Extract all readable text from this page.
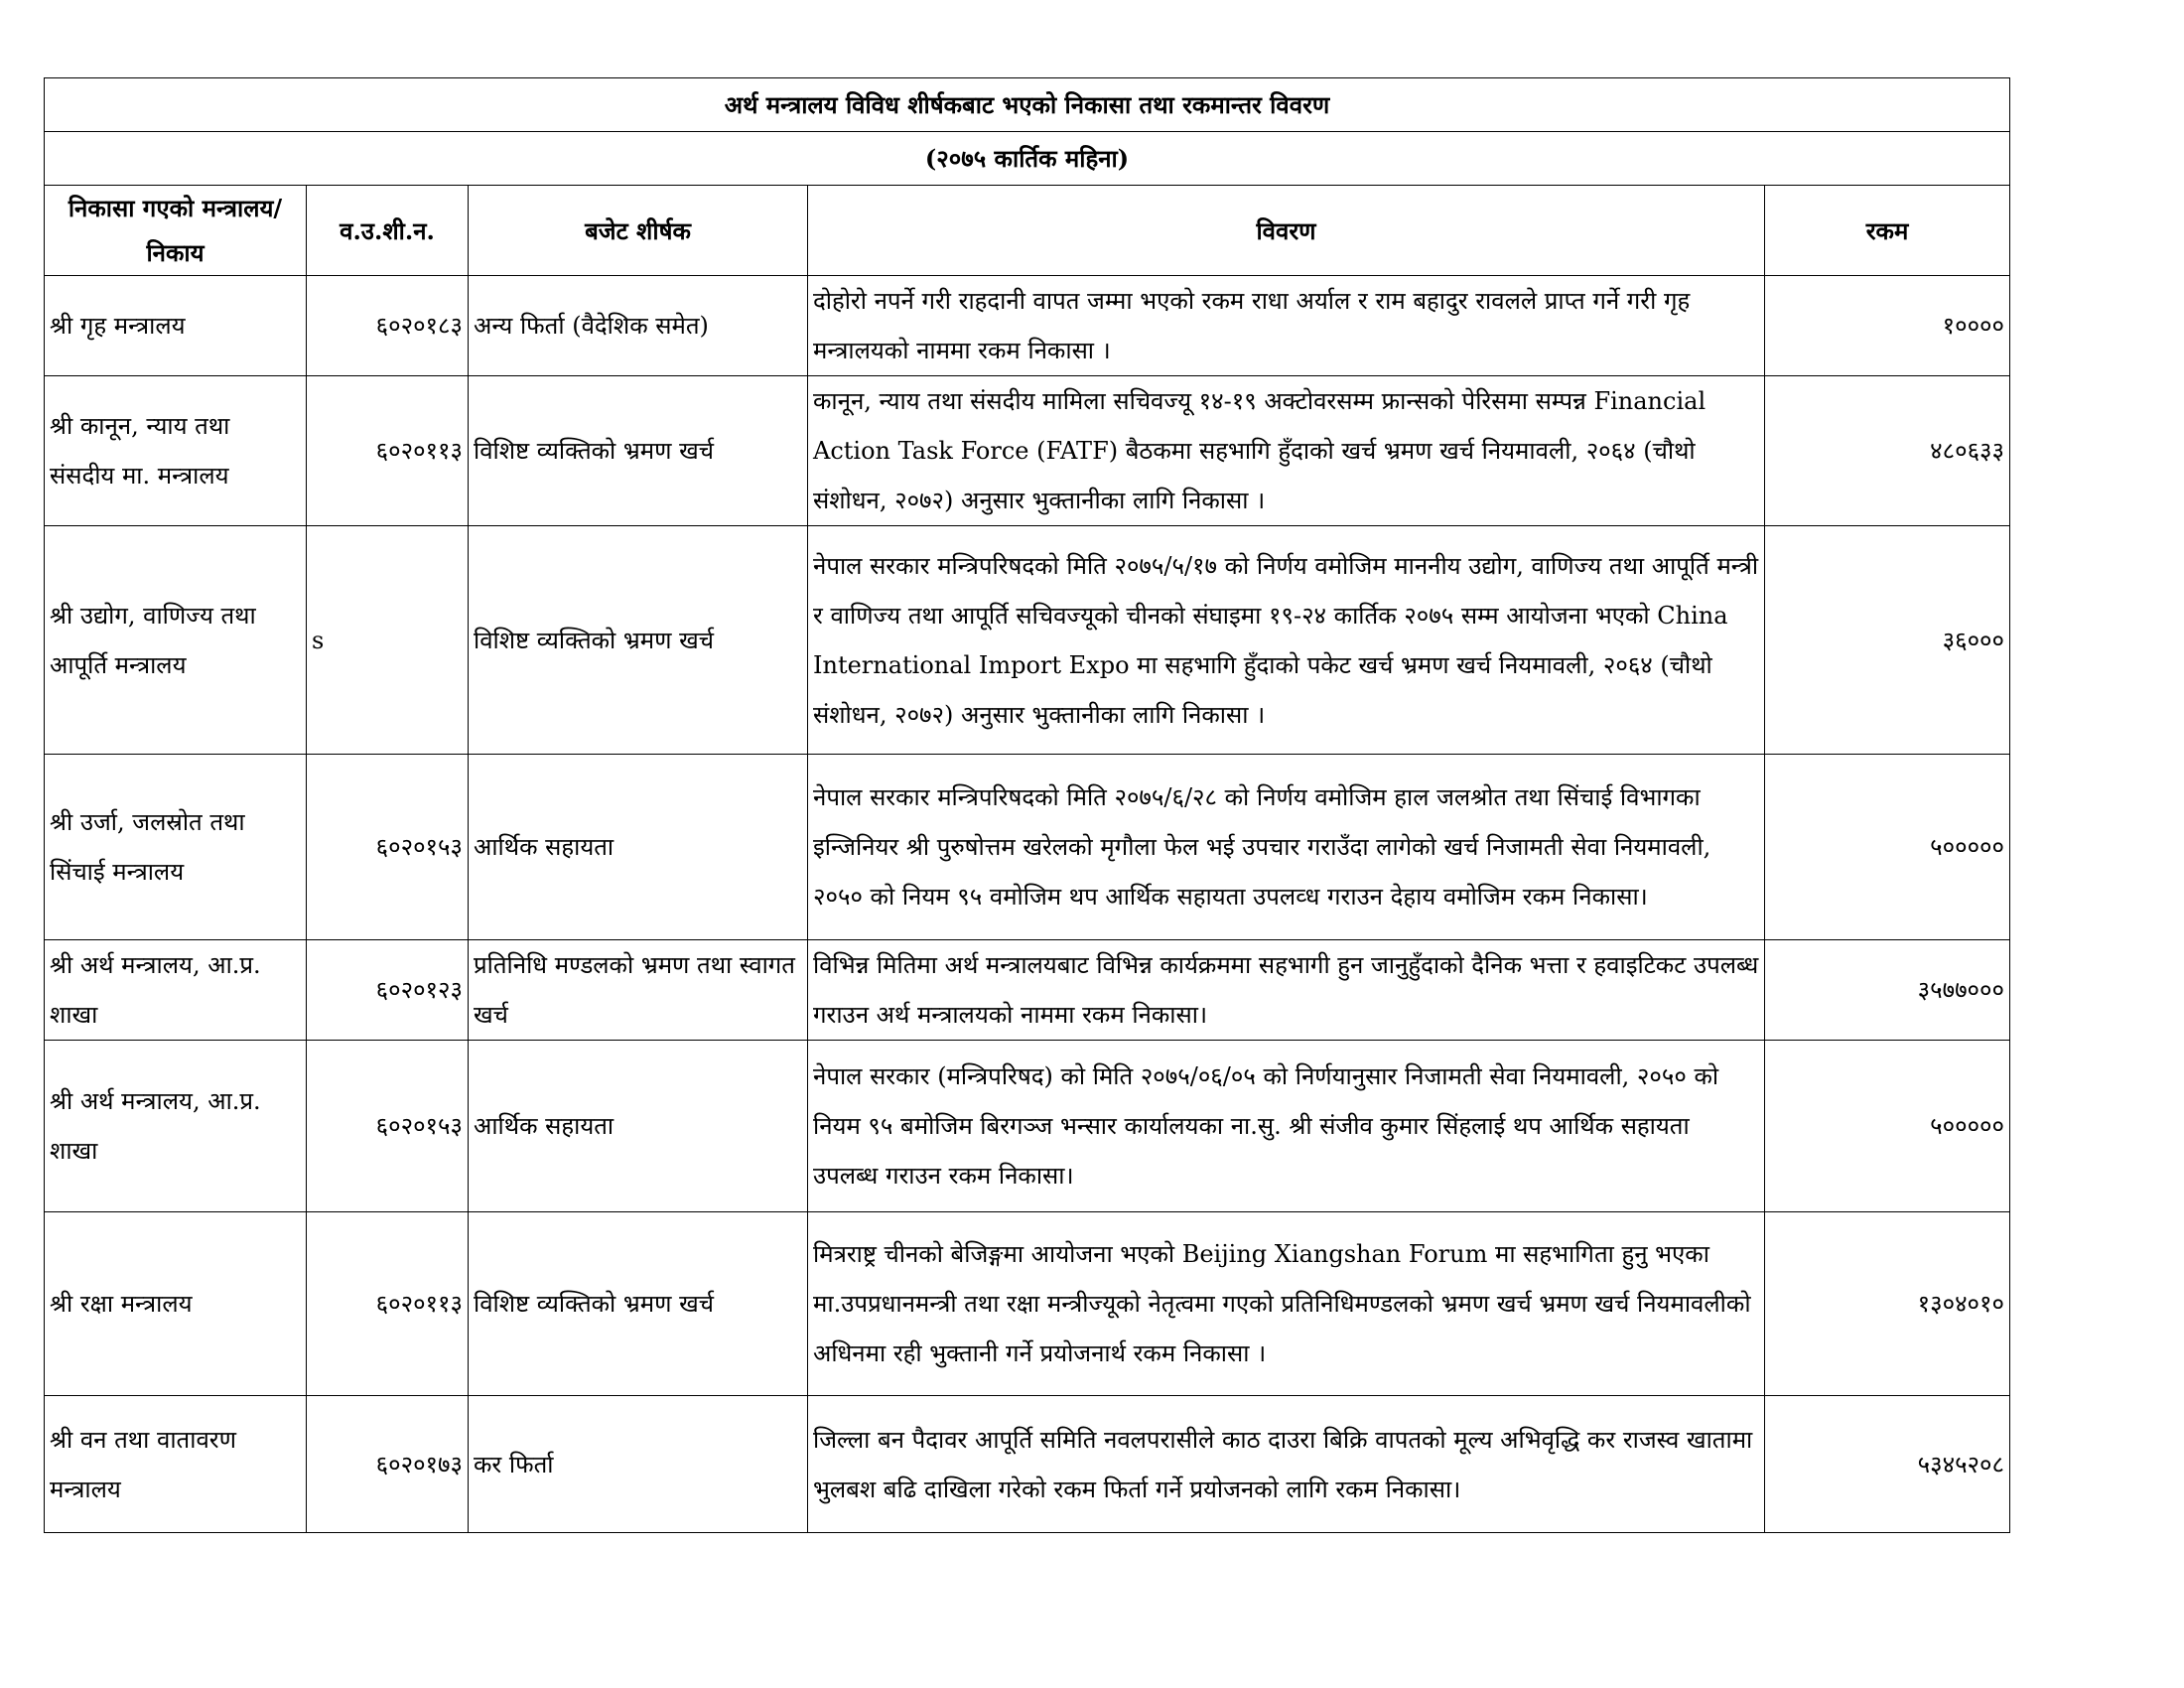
अर्थ मन्त्रालय विविध शीर्षकबाट भएको निकासा तथा रकमान्तर विवरण				
(२०७५ कार्तिक महिना)				
निकासा गएको मन्त्रालय/निकाय	व.उ.शी.न.	बजेट शीर्षक	विवरण	रकम
श्री गृह मन्त्रालय	६०२०१८३	अन्य फिर्ता (वैदेशिक समेत)	दोहोरो नपर्ने गरी राहदानी वापत जम्मा भएको रकम राधा अर्याल र राम बहादुर रावलले प्राप्त गर्ने गरी गृह मन्त्रालयको नाममा रकम निकासा ।	१००००
श्री कानून, न्याय तथा संसदीय मा. मन्त्रालय	६०२०११३	विशिष्ट व्यक्तिको भ्रमण खर्च	कानून, न्याय तथा संसदीय मामिला सचिवज्यू १४-१९ अक्टोवरसम्म फ्रान्सको पेरिसमा सम्पन्न Financial Action Task Force (FATF) बैठकमा सहभागि हुँदाको खर्च भ्रमण खर्च नियमावली, २०६४ (चौथो संशोधन, २०७२) अनुसार भुक्तानीका लागि निकासा ।	४८०६३३
श्री उद्योग, वाणिज्य तथा आपूर्ति मन्त्रालय	s	विशिष्ट व्यक्तिको भ्रमण खर्च	नेपाल सरकार मन्त्रिपरिषदको मिति २०७५/५/१७ को निर्णय वमोजिम माननीय उद्योग, वाणिज्य तथा आपूर्ति मन्त्री र वाणिज्य तथा आपूर्ति सचिवज्यूको चीनको संघाइमा १९-२४ कार्तिक २०७५ सम्म आयोजना भएको China International Import Expo मा सहभागि हुँदाको पकेट खर्च भ्रमण खर्च नियमावली, २०६४ (चौथो संशोधन, २०७२) अनुसार भुक्तानीका लागि निकासा ।	३६०००
श्री उर्जा, जलस्रोत तथा सिंचाई मन्त्रालय	६०२०१५३	आर्थिक सहायता	नेपाल सरकार मन्त्रिपरिषदको मिति २०७५/६/२८ को निर्णय वमोजिम हाल जलश्रोत तथा सिंचाई विभागका इन्जिनियर श्री पुरुषोत्तम खरेलको मृगौला फेल भई उपचार गराउँदा लागेको खर्च निजामती सेवा नियमावली, २०५० को नियम ९५ वमोजिम थप आर्थिक सहायता उपलव्ध गराउन देहाय वमोजिम रकम निकासा।	५०००००
श्री अर्थ मन्त्रालय, आ.प्र. शाखा	६०२०१२३	प्रतिनिधि मण्डलको भ्रमण तथा स्वागत खर्च	विभिन्न मितिमा अर्थ मन्त्रालयबाट विभिन्न कार्यक्रममा सहभागी हुन जानुहुँदाको दैनिक भत्ता र हवाइटिकट उपलब्ध गराउन अर्थ मन्त्रालयको नाममा रकम निकासा।	३५७७०००
श्री अर्थ मन्त्रालय, आ.प्र. शाखा	६०२०१५३	आर्थिक सहायता	नेपाल सरकार (मन्त्रिपरिषद) को मिति २०७५/०६/०५ को निर्णयानुसार निजामती सेवा नियमावली, २०५० को नियम ९५ बमोजिम बिरगञ्ज भन्सार कार्यालयका ना.सु. श्री संजीव कुमार सिंहलाई थप आर्थिक सहायता उपलब्ध गराउन रकम निकासा।	५०००००
श्री रक्षा मन्त्रालय	६०२०११३	विशिष्ट व्यक्तिको भ्रमण खर्च	मित्रराष्ट्र चीनको बेजिङ्गमा आयोजना भएको Beijing Xiangshan Forum मा सहभागिता हुनु भएका मा.उपप्रधानमन्त्री तथा रक्षा मन्त्रीज्यूको नेतृत्वमा गएको प्रतिनिधिमण्डलको भ्रमण खर्च भ्रमण खर्च नियमावलीको अधिनमा रही भुक्तानी गर्ने प्रयोजनार्थ रकम निकासा ।	१३०४०१०
श्री वन तथा वातावरण मन्त्रालय	६०२०१७३	कर फिर्ता	जिल्ला बन पैदावर आपूर्ति समिति नवलपरासीले काठ दाउरा बिक्रि वापतको मूल्य अभिवृद्धि कर राजस्व खातामा भुलबश बढि दाखिला गरेको रकम फिर्ता गर्ने प्रयोजनको लागि रकम निकासा।	५३४५२०८
